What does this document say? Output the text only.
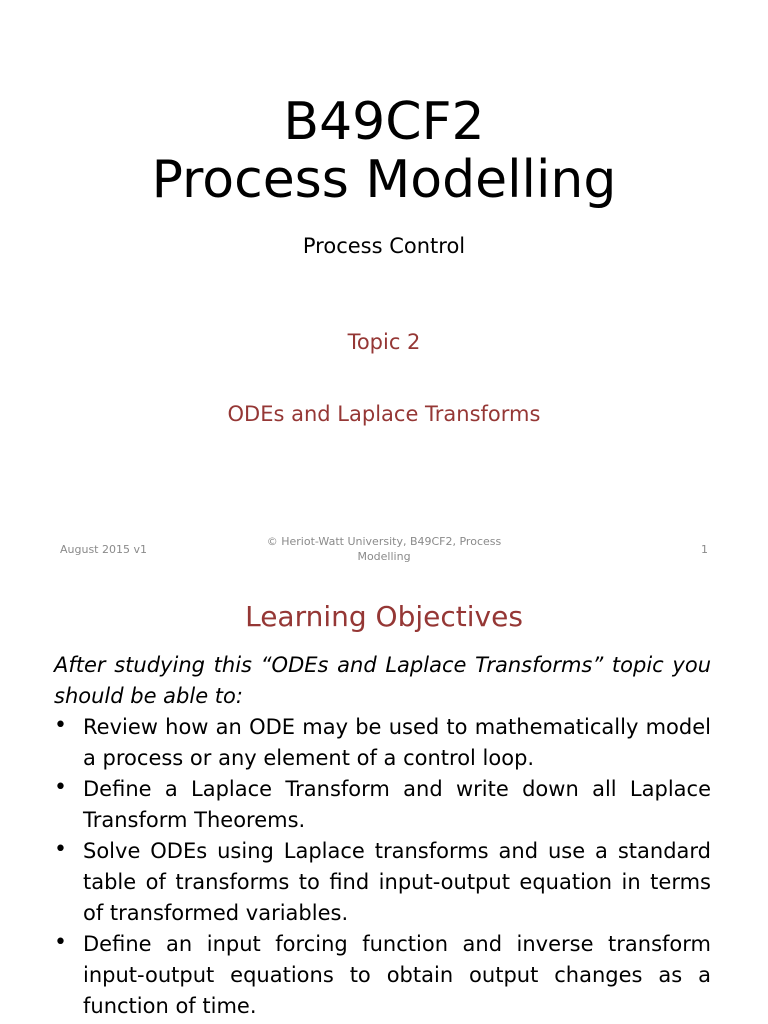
B49CF2
Process Modelling
Process Control
Topic 2
ODEs and Laplace Transforms
August 2015 v1
© Heriot-Watt University, B49CF2, Process
Modelling
1
Learning Objectives

After studying this “ODEs and Laplace Transforms” topic you should be able to:

• Review how an ODE may be used to mathematically model a process or any element of a control loop.
• Define a Laplace Transform and write down all Laplace Transform Theorems.
• Solve ODEs using Laplace transforms and use a standard table of transforms to find input-output equation in terms of transformed variables.
• Define an input forcing function and inverse transform input-output equations to obtain output changes as a function of time.
